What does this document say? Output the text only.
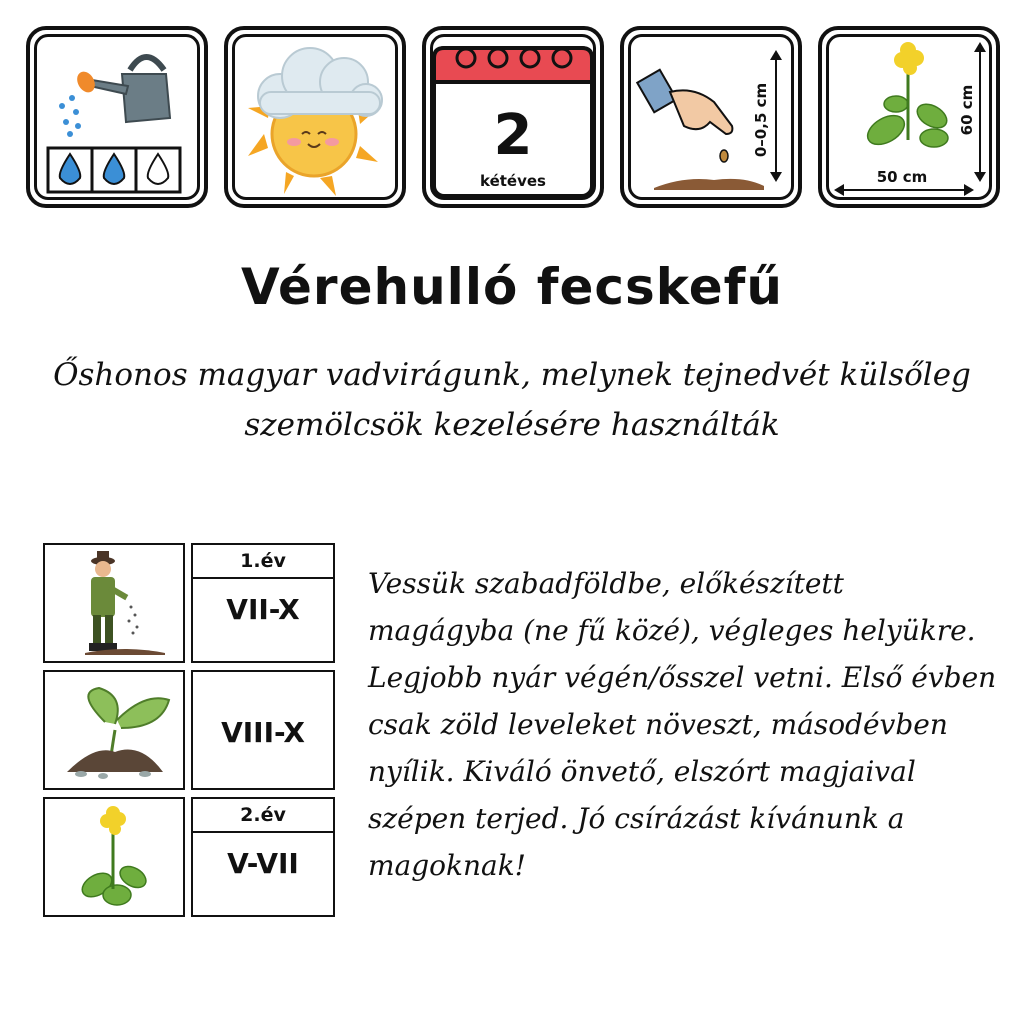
2
kétéves
0–0,5 cm	60 cm
50 cm
Vérehulló fecskefű
Őshonos magyar vadvirágunk, melynek tejnedvét külsőleg szemölcsök kezelésére használták
1.év
VII-X
VIII-X
2.év
V-VII
Vessük szabadföldbe, előkészített magágyba (ne fű közé), végleges helyükre. Legjobb nyár végén/ősszel vetni. Első évben csak zöld leveleket növeszt, másodévben nyílik. Kiváló önvető, elszórt magjaival szépen terjed. Jó csírázást kívánunk a magoknak!
